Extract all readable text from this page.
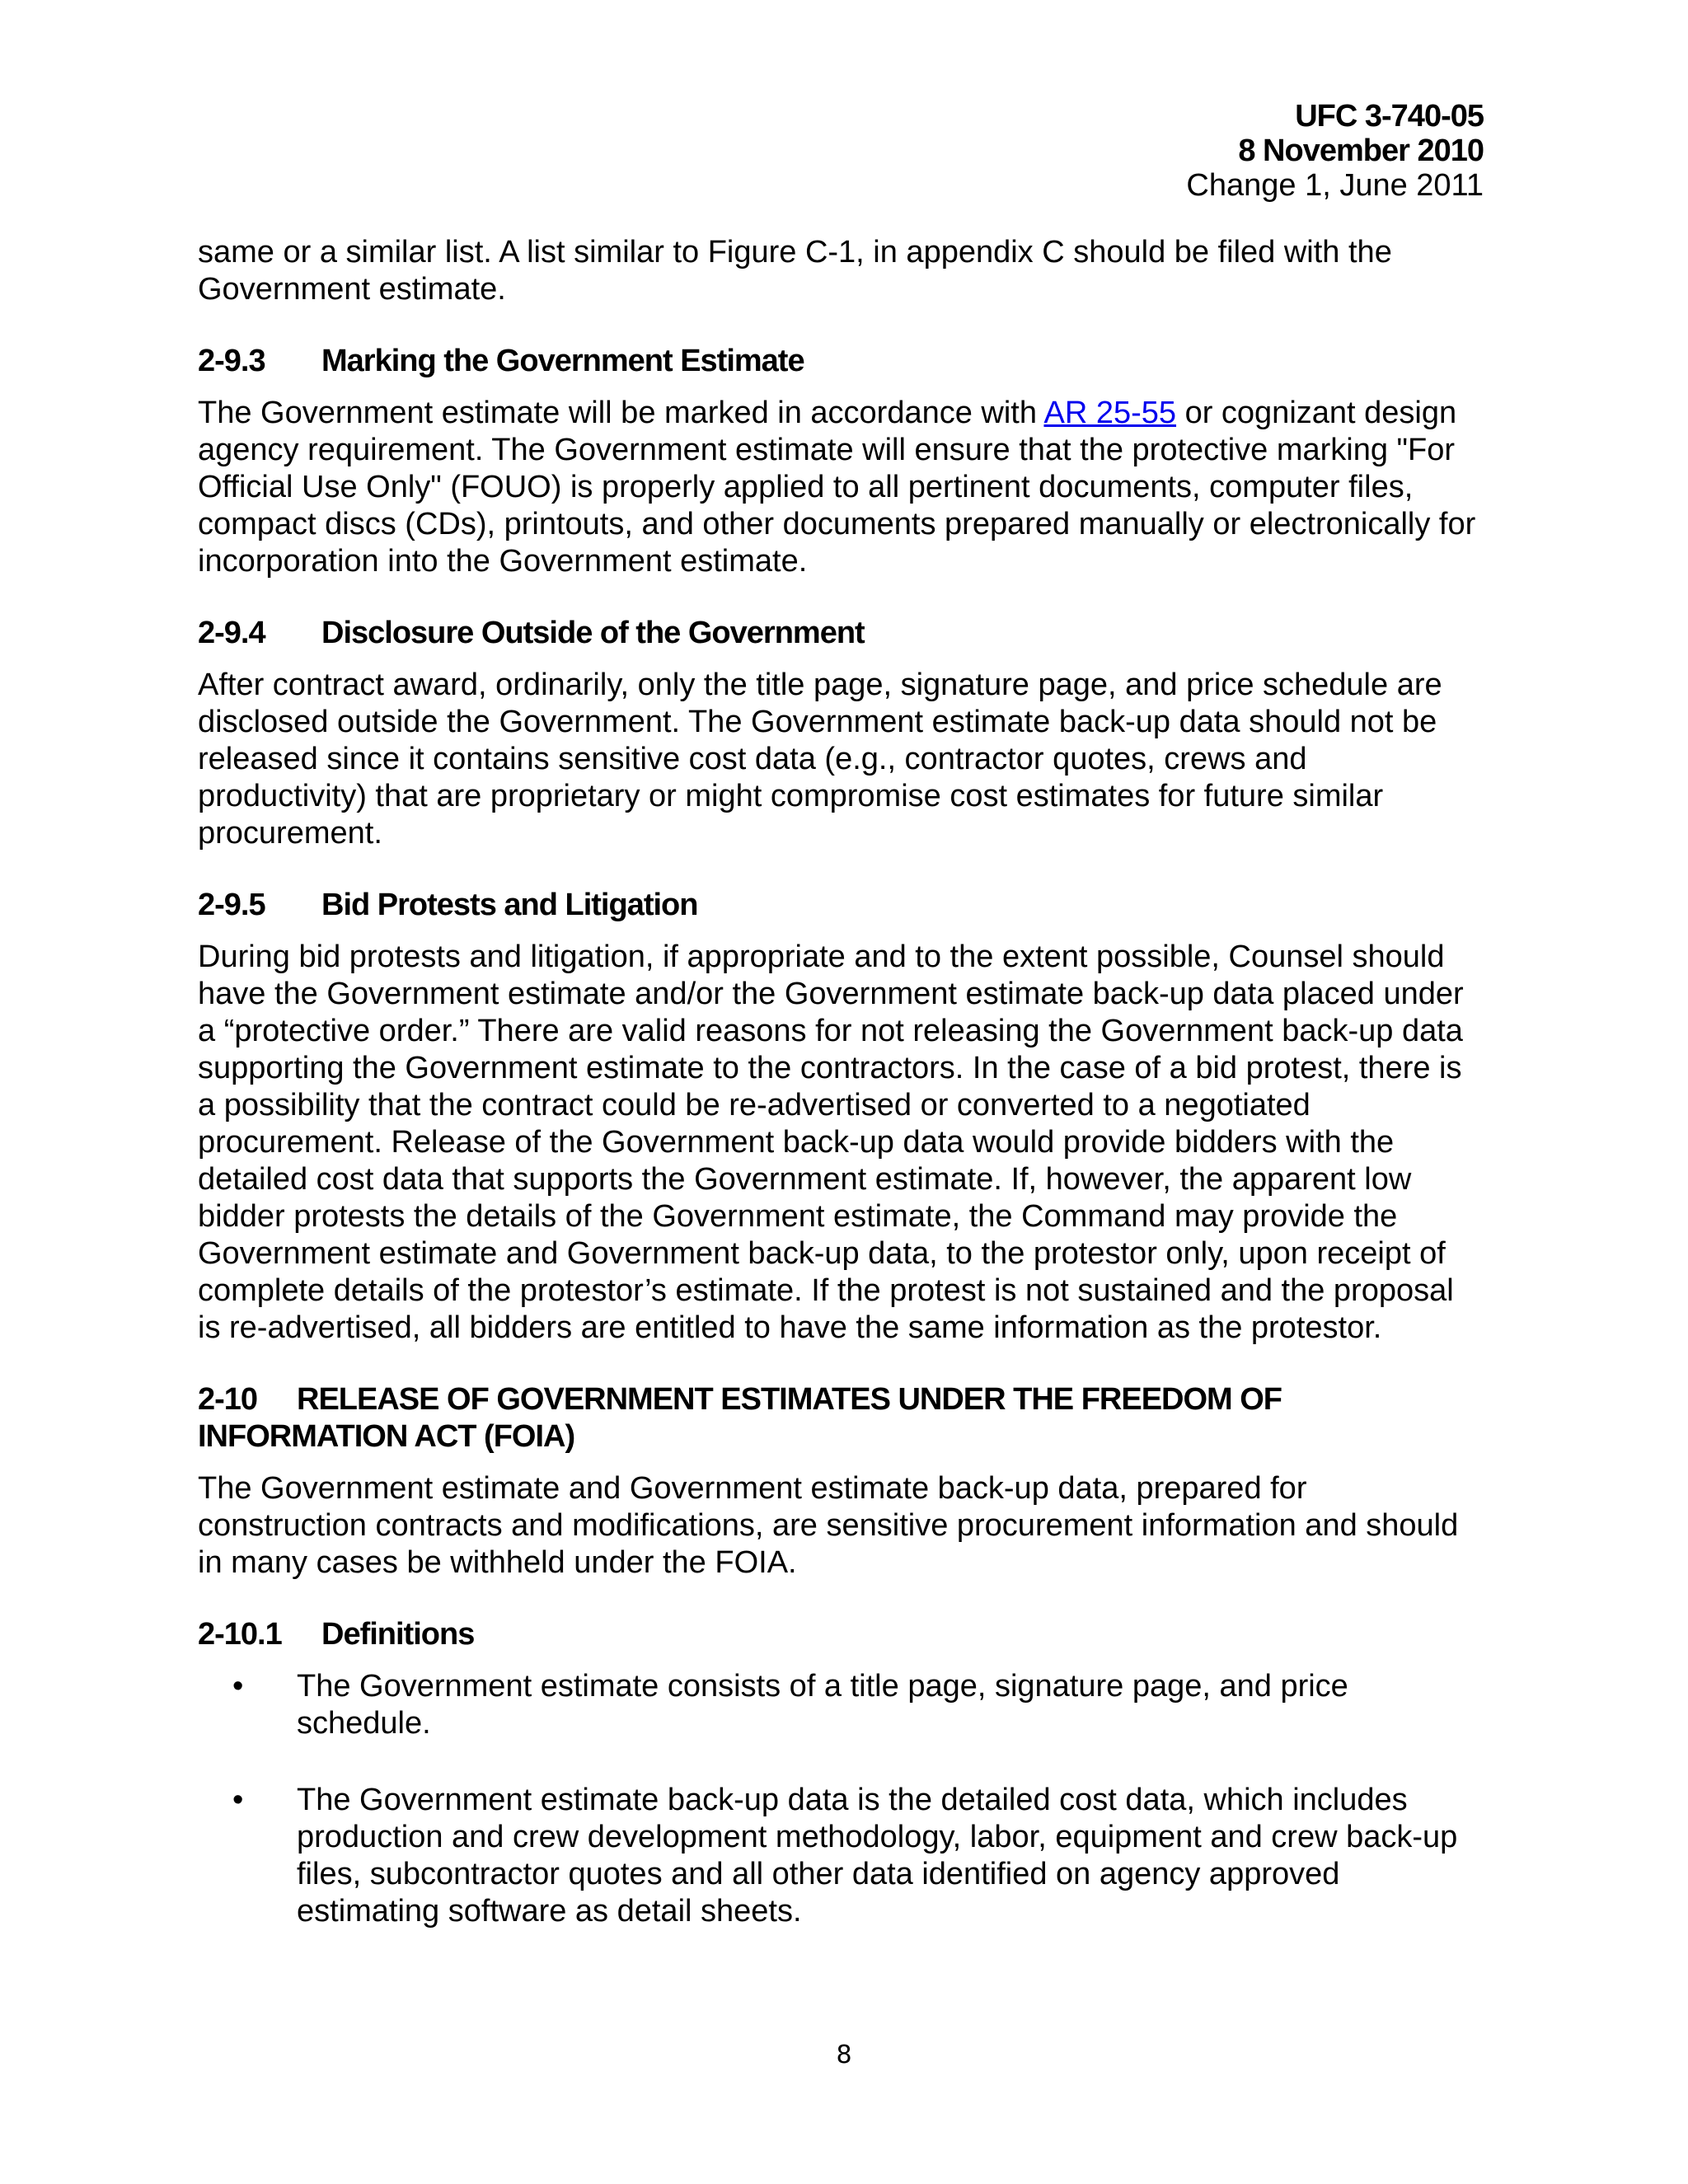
UFC 3-740-05
8 November 2010
Change 1, June 2011

same or a similar list. A list similar to Figure C-1, in appendix C should be filed with the Government estimate.

2-9.3 Marking the Government Estimate

The Government estimate will be marked in accordance with AR 25-55 or cognizant design agency requirement. The Government estimate will ensure that the protective marking "For Official Use Only" (FOUO) is properly applied to all pertinent documents, computer files, compact discs (CDs), printouts, and other documents prepared manually or electronically for incorporation into the Government estimate.

2-9.4 Disclosure Outside of the Government

After contract award, ordinarily, only the title page, signature page, and price schedule are disclosed outside the Government. The Government estimate back-up data should not be released since it contains sensitive cost data (e.g., contractor quotes, crews and productivity) that are proprietary or might compromise cost estimates for future similar procurement.

2-9.5 Bid Protests and Litigation

During bid protests and litigation, if appropriate and to the extent possible, Counsel should have the Government estimate and/or the Government estimate back-up data placed under a “protective order.” There are valid reasons for not releasing the Government back-up data supporting the Government estimate to the contractors. In the case of a bid protest, there is a possibility that the contract could be re-advertised or converted to a negotiated procurement. Release of the Government back-up data would provide bidders with the detailed cost data that supports the Government estimate. If, however, the apparent low bidder protests the details of the Government estimate, the Command may provide the Government estimate and Government back-up data, to the protestor only, upon receipt of complete details of the protestor’s estimate. If the protest is not sustained and the proposal is re-advertised, all bidders are entitled to have the same information as the protestor.

2-10 RELEASE OF GOVERNMENT ESTIMATES UNDER THE FREEDOM OF INFORMATION ACT (FOIA)

The Government estimate and Government estimate back-up data, prepared for construction contracts and modifications, are sensitive procurement information and should in many cases be withheld under the FOIA.

2-10.1 Definitions
• The Government estimate consists of a title page, signature page, and price schedule.
• The Government estimate back-up data is the detailed cost data, which includes production and crew development methodology, labor, equipment and crew back-up files, subcontractor quotes and all other data identified on agency approved estimating software as detail sheets.
8
